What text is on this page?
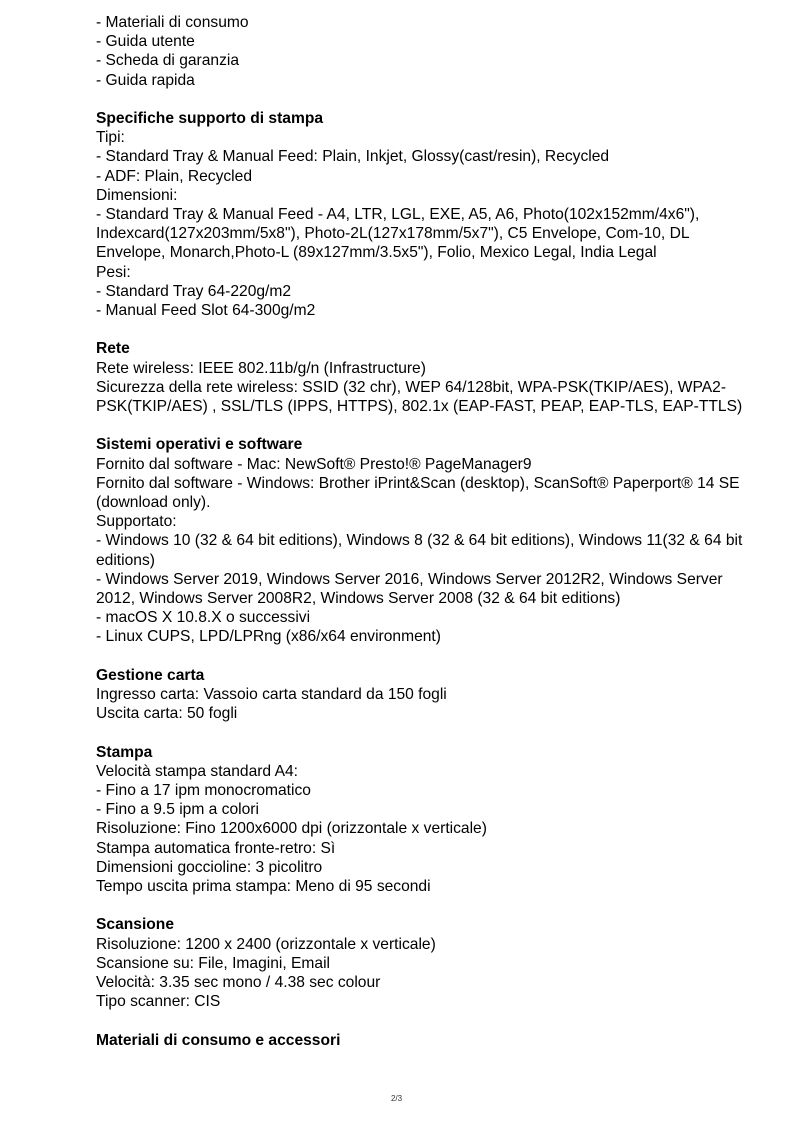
- Materiali di consumo

- Guida utente

- Scheda di garanzia

- Guida rapida

Specifiche supporto di stampa

Tipi:

- Standard Tray & Manual Feed: Plain, Inkjet, Glossy(cast/resin), Recycled

- ADF: Plain, Recycled

Dimensioni:

- Standard Tray & Manual Feed - A4, LTR, LGL, EXE, A5, A6, Photo(102x152mm/4x6"), Indexcard(127x203mm/5x8"), Photo-2L(127x178mm/5x7"), C5 Envelope, Com-10, DL Envelope, Monarch,Photo-L (89x127mm/3.5x5"), Folio, Mexico Legal, India Legal

Pesi:

- Standard Tray 64-220g/m2

- Manual Feed Slot 64-300g/m2

Rete

Rete wireless: IEEE 802.11b/g/n (Infrastructure)

Sicurezza della rete wireless: SSID (32 chr), WEP 64/128bit, WPA-PSK(TKIP/AES), WPA2-PSK(TKIP/AES) , SSL/TLS (IPPS, HTTPS), 802.1x (EAP-FAST, PEAP, EAP-TLS, EAP-TTLS)

Sistemi operativi e software

Fornito dal software - Mac: NewSoft® Presto!® PageManager9

Fornito dal software - Windows: Brother iPrint&Scan (desktop), ScanSoft® Paperport® 14 SE (download only).

Supportato:

- Windows 10 (32 & 64 bit editions), Windows 8 (32 & 64 bit editions), Windows 11(32 & 64 bit editions)

- Windows Server 2019, Windows Server 2016, Windows Server 2012R2, Windows Server 2012, Windows Server 2008R2, Windows Server 2008 (32 & 64 bit editions)

- macOS X 10.8.X o successivi

- Linux CUPS, LPD/LPRng (x86/x64 environment)

Gestione carta

Ingresso carta: Vassoio carta standard da 150 fogli

Uscita carta: 50 fogli

Stampa

Velocità stampa standard A4:

- Fino a 17 ipm monocromatico

- Fino a 9.5 ipm a colori

Risoluzione: Fino 1200x6000 dpi (orizzontale x verticale)

Stampa automatica fronte-retro: Sì

Dimensioni goccioline: 3 picolitro

Tempo uscita prima stampa: Meno di 95 secondi

Scansione

Risoluzione: 1200 x 2400 (orizzontale x verticale)

Scansione su: File, Imagini, Email

Velocità: 3.35 sec mono / 4.38 sec colour

Tipo scanner: CIS

Materiali di consumo e accessori

2/3
